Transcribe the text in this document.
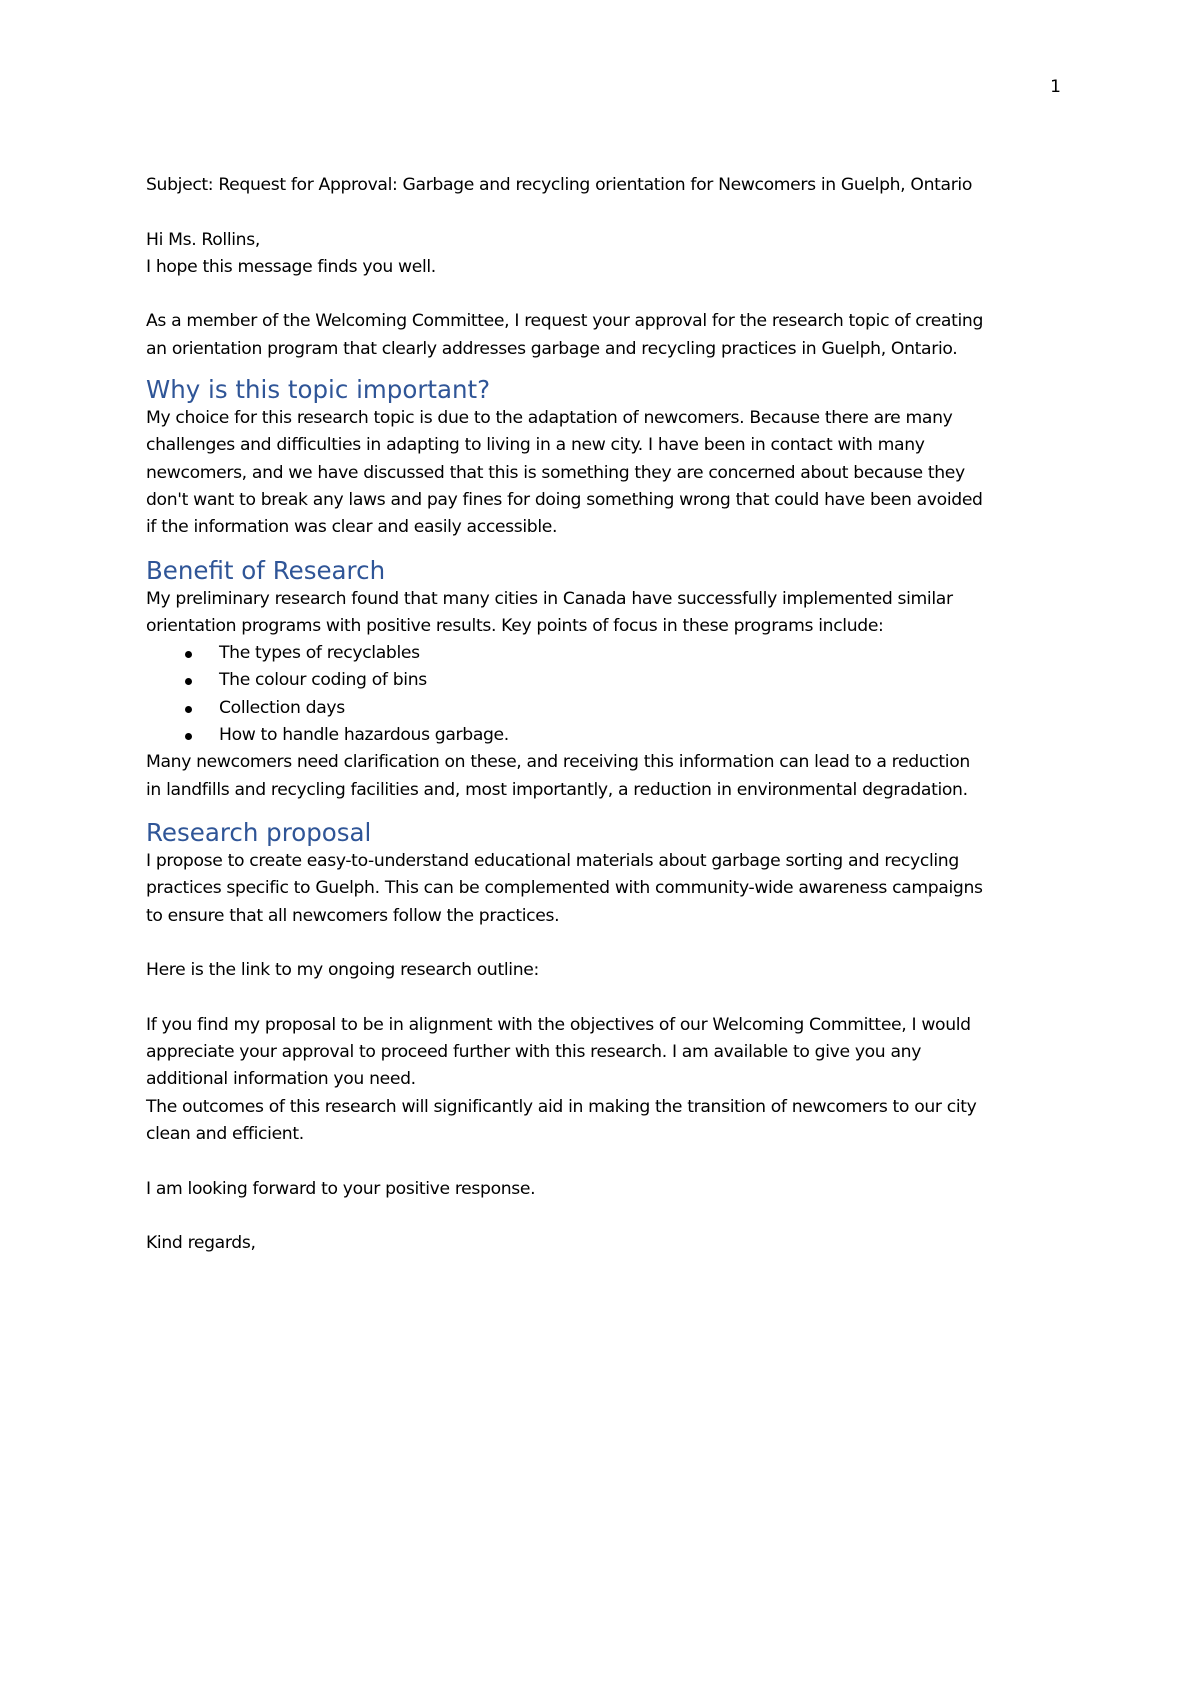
1

Subject: Request for Approval: Garbage and recycling orientation for Newcomers in Guelph, Ontario

Hi Ms. Rollins,

I hope this message finds you well.

As a member of the Welcoming Committee, I request your approval for the research topic of creating

an orientation program that clearly addresses garbage and recycling practices in Guelph, Ontario.

Why is this topic important?

My choice for this research topic is due to the adaptation of newcomers. Because there are many

challenges and difficulties in adapting to living in a new city. I have been in contact with many

newcomers, and we have discussed that this is something they are concerned about because they

don't want to break any laws and pay fines for doing something wrong that could have been avoided

if the information was clear and easily accessible.

Benefit of Research

My preliminary research found that many cities in Canada have successfully implemented similar

orientation programs with positive results. Key points of focus in these programs include:

The types of recyclables
The colour coding of bins
Collection days
How to handle hazardous garbage.

Many newcomers need clarification on these, and receiving this information can lead to a reduction

in landfills and recycling facilities and, most importantly, a reduction in environmental degradation.

Research proposal

I propose to create easy-to-understand educational materials about garbage sorting and recycling

practices specific to Guelph. This can be complemented with community-wide awareness campaigns

to ensure that all newcomers follow the practices.

Here is the link to my ongoing research outline:

If you find my proposal to be in alignment with the objectives of our Welcoming Committee, I would

appreciate your approval to proceed further with this research. I am available to give you any

additional information you need.

The outcomes of this research will significantly aid in making the transition of newcomers to our city

clean and efficient.

I am looking forward to your positive response.

Kind regards,
